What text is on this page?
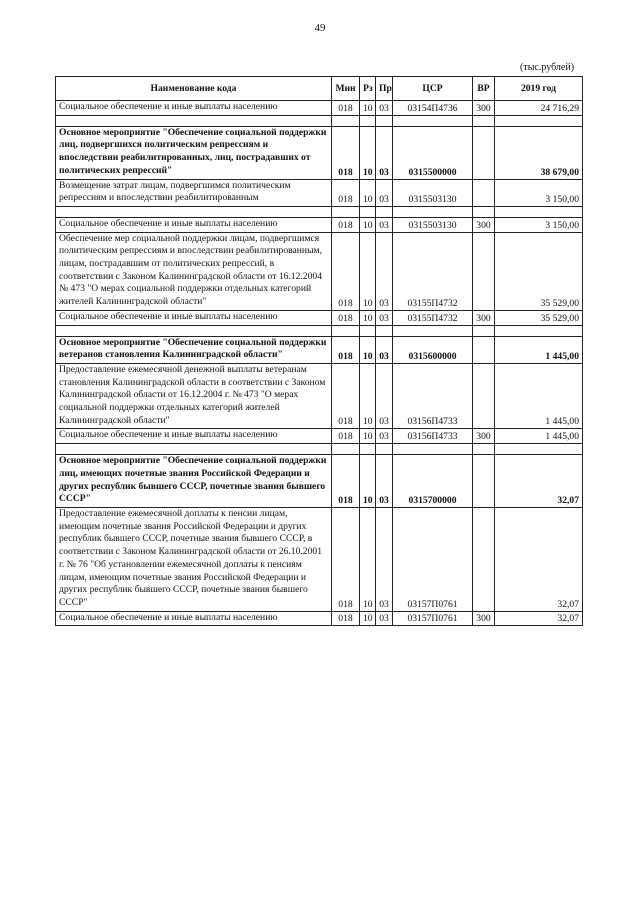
49
(тыс.рублей)
Наименование кода	Мин	Рз	Пр	ЦСР	ВР	2019 год
Социальное обеспечение и иные выплаты населению	018	10	03	03154П4736	300	24 716,29

Основное мероприятие "Обеспечение социальной поддержки лиц, подвергшихся политическим репрессиям и впоследствии реабилитированных, лиц, пострадавших от политических репрессий"	018	10	03	0315500000		38 679,00
Возмещение затрат лицам, подвергшимся политическим репрессиям и впоследствии реабилитированным	018	10	03	0315503130		3 150,00

Социальное обеспечение и иные выплаты населению	018	10	03	0315503130	300	3 150,00
Обеспечение мер социальной поддержки лицам, подвергшимся политическим репрессиям и впоследствии реабилитированным, лицам, пострадавшим от политических репрессий, в соответствии с Законом Калининградской области от 16.12.2004 № 473 "О мерах социальной поддержки отдельных категорий жителей Калининградской области"	018	10	03	03155П4732		35 529,00
Социальное обеспечение и иные выплаты населению	018	10	03	03155П4732	300	35 529,00

Основное мероприятие "Обеспечение социальной поддержки ветеранов становления Калининградской области"	018	10	03	0315600000		1 445,00
Предоставление ежемесячной денежной выплаты ветеранам становления Калининградской области в соответствии с Законом Калининградской области от 16.12.2004 г. № 473 "О мерах социальной поддержки отдельных категорий жителей Калининградской области"	018	10	03	03156П4733		1 445,00
Социальное обеспечение и иные выплаты населению	018	10	03	03156П4733	300	1 445,00

Основное мероприятие "Обеспечение социальной поддержки лиц, имеющих почетные звания Российской Федерации и других республик бывшего СССР, почетные звания бывшего СССР"	018	10	03	0315700000		32,07
Предоставление ежемесячной доплаты к пенсии лицам, имеющим почетные звания Российской Федерации и других республик бывшего СССР, почетные звания бывшего СССР, в соответствии с Законом Калининградской области от 26.10.2001 г. № 76 "Об установлении ежемесячной доплаты к пенсиям лицам, имеющим почетные звания Российской Федерации и других республик бывшего СССР, почетные звания бывшего СССР"	018	10	03	03157П0761		32,07
Социальное обеспечение и иные выплаты населению	018	10	03	03157П0761	300	32,07
